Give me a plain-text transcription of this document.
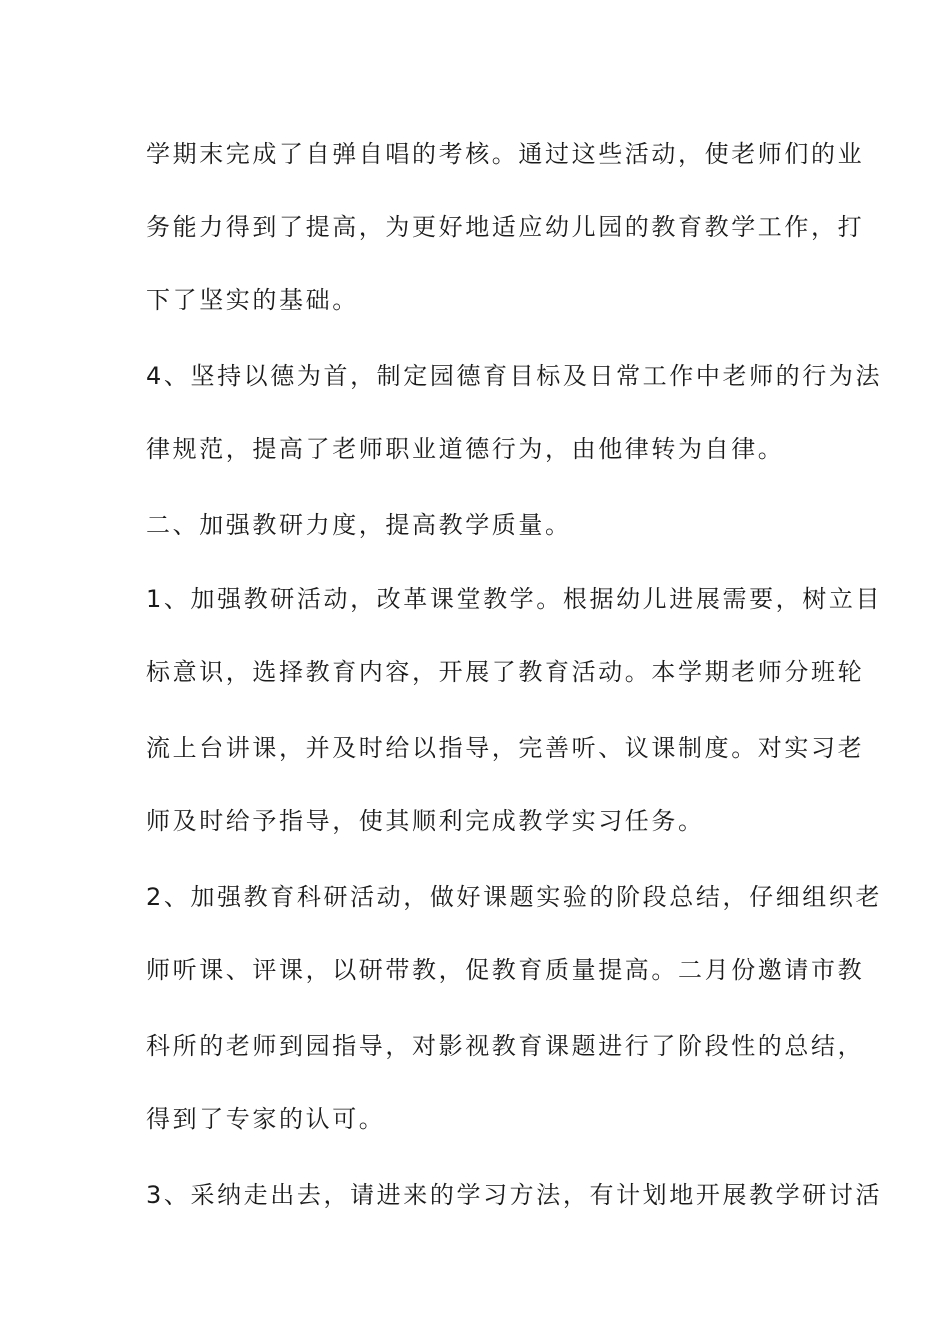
学期末完成了自弹自唱的考核。通过这些活动，使老师们的业
务能力得到了提高，为更好地适应幼儿园的教育教学工作，打
下了坚实的基础。
4、坚持以德为首，制定园德育目标及日常工作中老师的行为法
律规范，提高了老师职业道德行为，由他律转为自律。
二、加强教研力度，提高教学质量。
1、加强教研活动，改革课堂教学。根据幼儿进展需要，树立目
标意识，选择教育内容，开展了教育活动。本学期老师分班轮
流上台讲课，并及时给以指导，完善听、议课制度。对实习老
师及时给予指导，使其顺利完成教学实习任务。
2、加强教育科研活动，做好课题实验的阶段总结，仔细组织老
师听课、评课，以研带教，促教育质量提高。二月份邀请市教
科所的老师到园指导，对影视教育课题进行了阶段性的总结，
得到了专家的认可。
3、采纳走出去，请进来的学习方法，有计划地开展教学研讨活
